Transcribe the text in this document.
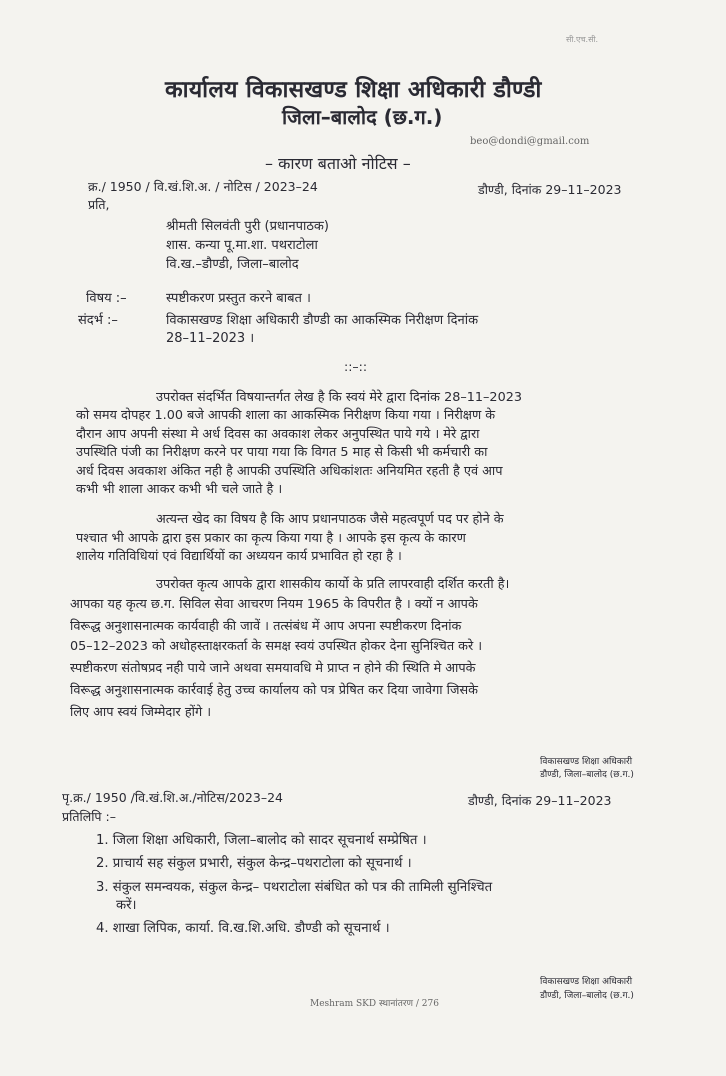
सी.एच.सी.
कार्यालय विकासखण्ड शिक्षा अधिकारी डौण्डी
जिला–बालोद (छ.ग.)
beo@dondi@gmail.com
– कारण बताओ नोटिस –
क्र./ 1950 / वि.खं.शि.अ. / नोटिस / 2023–24	डौण्डी, दिनांक 29–11–2023
प्रति,
श्रीमती सिलवंती पुरी (प्रधानपाठक)
शास. कन्या पू.मा.शा. पथराटोला
वि.ख.–डौण्डी, जिला–बालोद
विषय :–	स्पष्टीकरण प्रस्तुत करने बाबत ।
संदर्भ :–	विकासखण्ड शिक्षा अधिकारी डौण्डी का आकस्मिक निरीक्षण दिनांक
28–11–2023 ।
::–::
उपरोक्त संदर्भित विषयान्तर्गत लेख है कि स्वयं मेरे द्वारा दिनांक 28–11–2023
को समय दोपहर 1.00 बजे आपकी शाला का आकस्मिक निरीक्षण किया गया । निरीक्षण के
दौरान आप अपनी संस्था मे अर्ध दिवस का अवकाश लेकर अनुपस्थित पाये गये । मेरे द्वारा
उपस्थिति पंजी का निरीक्षण करने पर पाया गया कि विगत 5 माह से किसी भी कर्मचारी का
अर्ध दिवस अवकाश अंकित नही है आपकी उपस्थिति अधिकांशतः अनियमित रहती है एवं आप
कभी भी शाला आकर कभी भी चले जाते है ।
अत्यन्त खेद का विषय है कि आप प्रधानपाठक जैसे महत्वपूर्ण पद पर होने के
पश्चात भी आपके द्वारा इस प्रकार का कृत्य किया गया है । आपके इस कृत्य के कारण
शालेय गतिविधियां एवं विद्यार्थियों का अध्ययन कार्य प्रभावित हो रहा है ।
उपरोक्त कृत्य आपके द्वारा शासकीय कार्यो के प्रति लापरवाही दर्शित करती है।
आपका यह कृत्य छ.ग. सिविल सेवा आचरण नियम 1965 के विपरीत है । क्यों न आपके
विरूद्ध अनुशासनात्मक कार्यवाही की जावें । तत्संबंध में आप अपना स्पष्टीकरण दिनांक
05–12–2023 को अधोहस्ताक्षरकर्ता के समक्ष स्वयं उपस्थित होकर देना सुनिश्चित करे ।
स्पष्टीकरण संतोषप्रद नही पाये जाने अथवा समयावधि मे प्राप्त न होने की स्थिति मे आपके
विरूद्ध अनुशासनात्मक कार्रवाई हेतु उच्च कार्यालय को पत्र प्रेषित कर दिया जावेगा जिसके
लिए आप स्वयं जिम्मेदार होंगे ।
विकासखण्ड शिक्षा अधिकारी
डौण्डी, जिला–बालोद (छ.ग.)
पृ.क्र./ 1950 /वि.खं.शि.अ./नोटिस/2023–24	डौण्डी, दिनांक 29–11–2023
प्रतिलिपि :–
1. जिला शिक्षा अधिकारी, जिला–बालोद को सादर सूचनार्थ सम्प्रेषित ।
2. प्राचार्य सह संकुल प्रभारी, संकुल केन्द्र–पथराटोला को सूचनार्थ ।
3. संकुल समन्वयक, संकुल केन्द्र– पथराटोला संबंधित को पत्र की तामिली सुनिश्चित
करें।
4. शाखा लिपिक, कार्या. वि.ख.शि.अधि. डौण्डी को सूचनार्थ ।
विकासखण्ड शिक्षा अधिकारी
डौण्डी, जिला–बालोद (छ.ग.)
Meshram SKD स्थानांतरण / 276
